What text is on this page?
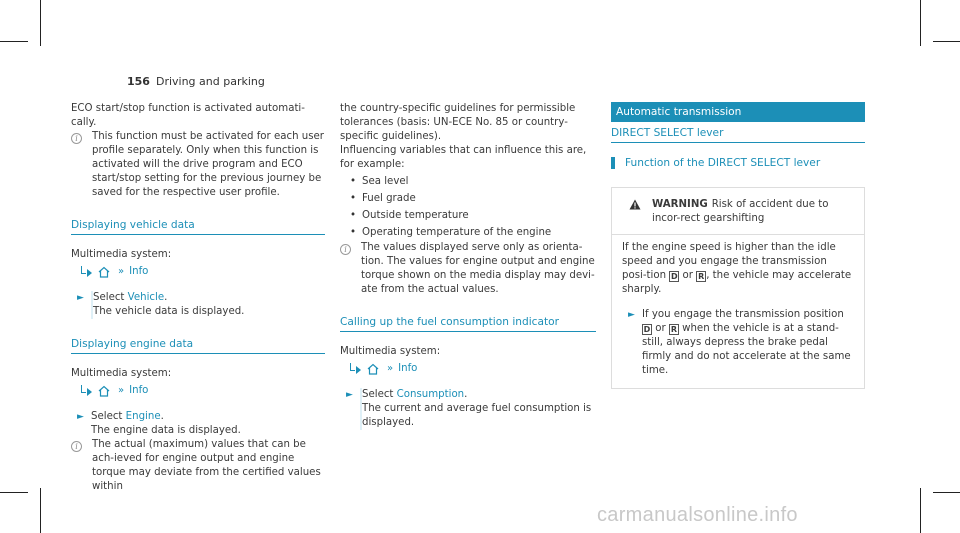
156 Driving and parking
ECO start/stop function is activated automati-cally.
i	This function must be activated for each user profile separately. Only when this function is activated will the drive program and ECO start/stop setting for the previous journey be saved for the respective user profile.
Displaying vehicle data
Multimedia system:
» Info
► Select Vehicle.
The vehicle data is displayed.
Displaying engine data
Multimedia system:
» Info
► Select Engine.
The engine data is displayed.
i	The actual (maximum) values that can be ach-ieved for engine output and engine torque may deviate from the certified values within
the country-specific guidelines for permissible tolerances (basis: UN-ECE No. 85 or country-specific guidelines).
Influencing variables that can influence this are, for example:
• Sea level
• Fuel grade
• Outside temperature
• Operating temperature of the engine
i	The values displayed serve only as orienta-tion. The values for engine output and engine torque shown on the media display may devi-ate from the actual values.
Calling up the fuel consumption indicator
Multimedia system:
» Info
► Select Consumption.
The current and average fuel consumption is displayed.
Automatic transmission
DIRECT SELECT lever
Function of the DIRECT SELECT lever
WARNING Risk of accident due to incor-rect gearshifting
If the engine speed is higher than the idle speed and you engage the transmission posi-tion D or R , the vehicle may accelerate sharply.
► If you engage the transmission position D or R when the vehicle is at a stand-still, always depress the brake pedal firmly and do not accelerate at the same time.
carmanualsonline.info
